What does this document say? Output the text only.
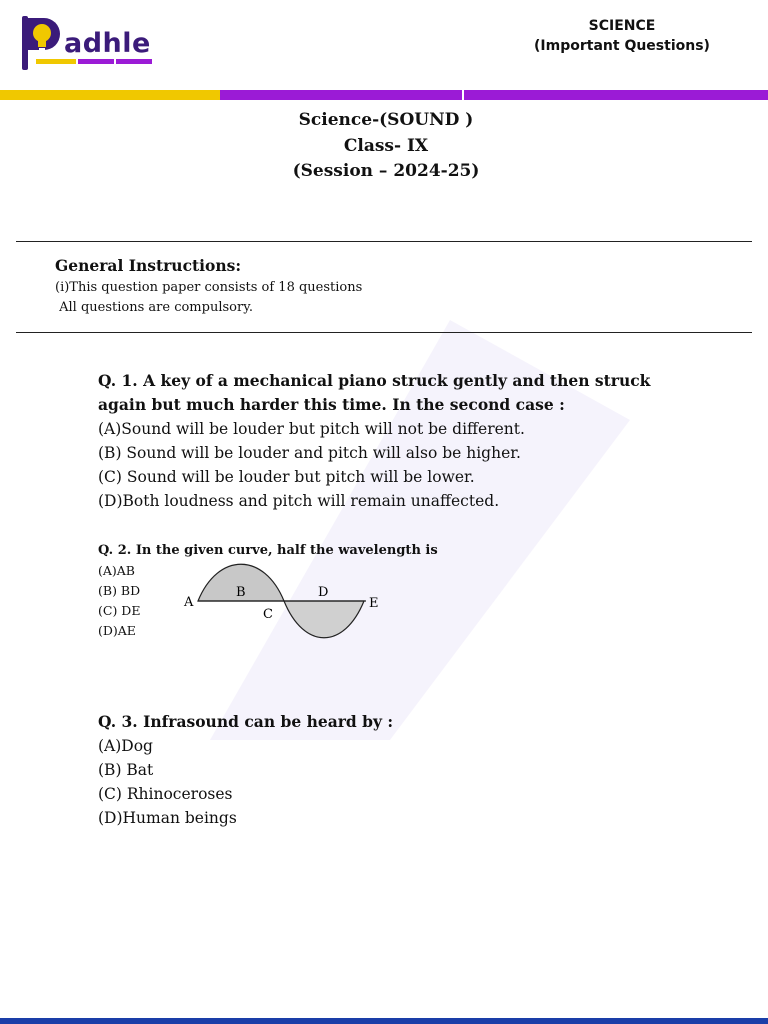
adhle
SCIENCE
(Important Questions)
Science-(SOUND )
Class- IX
(Session – 2024-25)
General Instructions:
(i)This question paper consists of 18 questions
All questions are compulsory.
Q. 1. A key of a mechanical piano struck gently and then struck
again but much harder this time. In the second case :
(A)Sound will be louder but pitch will not be different.
(B) Sound will be louder and pitch will also be higher.
(C) Sound will be louder but pitch will be lower.
(D)Both loudness and pitch will remain unaffected.
Q. 2. In the given curve, half the wavelength is
(A)AB
(B) BD
(C) DE
(D)AE
A
B
C
D
E
Q. 3. Infrasound can be heard by :
(A)Dog
(B) Bat
(C) Rhinoceroses
(D)Human beings
